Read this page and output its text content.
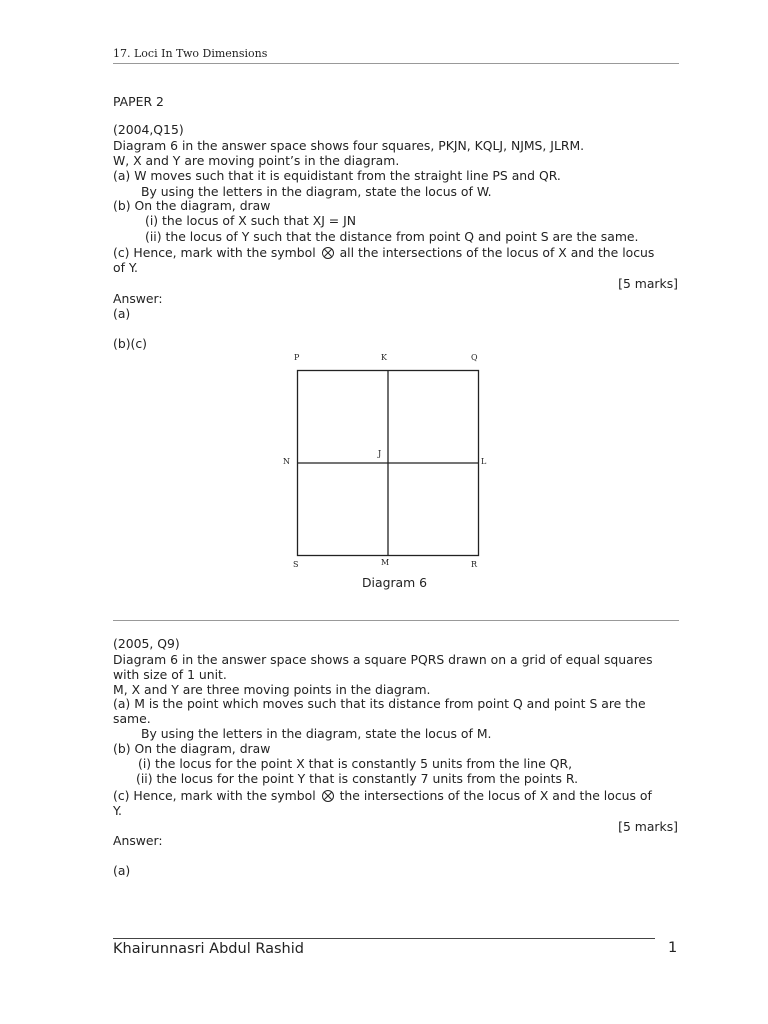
17. Loci In Two Dimensions
PAPER 2
(2004,Q15)
Diagram 6 in the answer space shows four squares, PKJN, KQLJ, NJMS, JLRM.
W, X and Y are moving point’s in the diagram.
(a) W moves such that it is equidistant from the straight line PS and QR.
By using the letters in the diagram, state the locus of W.
(b) On the diagram, draw
(i) the locus of X such that XJ = JN
(ii) the locus of Y such that the distance from point Q and point S are the same.
(c) Hence, mark with the symbol all the intersections of the locus of X and the locus
of Y.
[5 marks]
Answer:
(a)
(b)(c)
P	K	Q
N
J
L
S	M	R
Diagram 6
(2005, Q9)
Diagram 6 in the answer space shows a square PQRS drawn on a grid of equal squares
with size of 1 unit.
M, X and Y are three moving points in the diagram.
(a) M is the point which moves such that its distance from point Q and point S are the
same.
By using the letters in the diagram, state the locus of M.
(b) On the diagram, draw
(i) the locus for the point X that is constantly 5 units from the line QR,
(ii) the locus for the point Y that is constantly 7 units from the points R.
(c) Hence, mark with the symbol the intersections of the locus of X and the locus of
Y.
[5 marks]
Answer:
(a)
Khairunnasri Abdul Rashid	1
